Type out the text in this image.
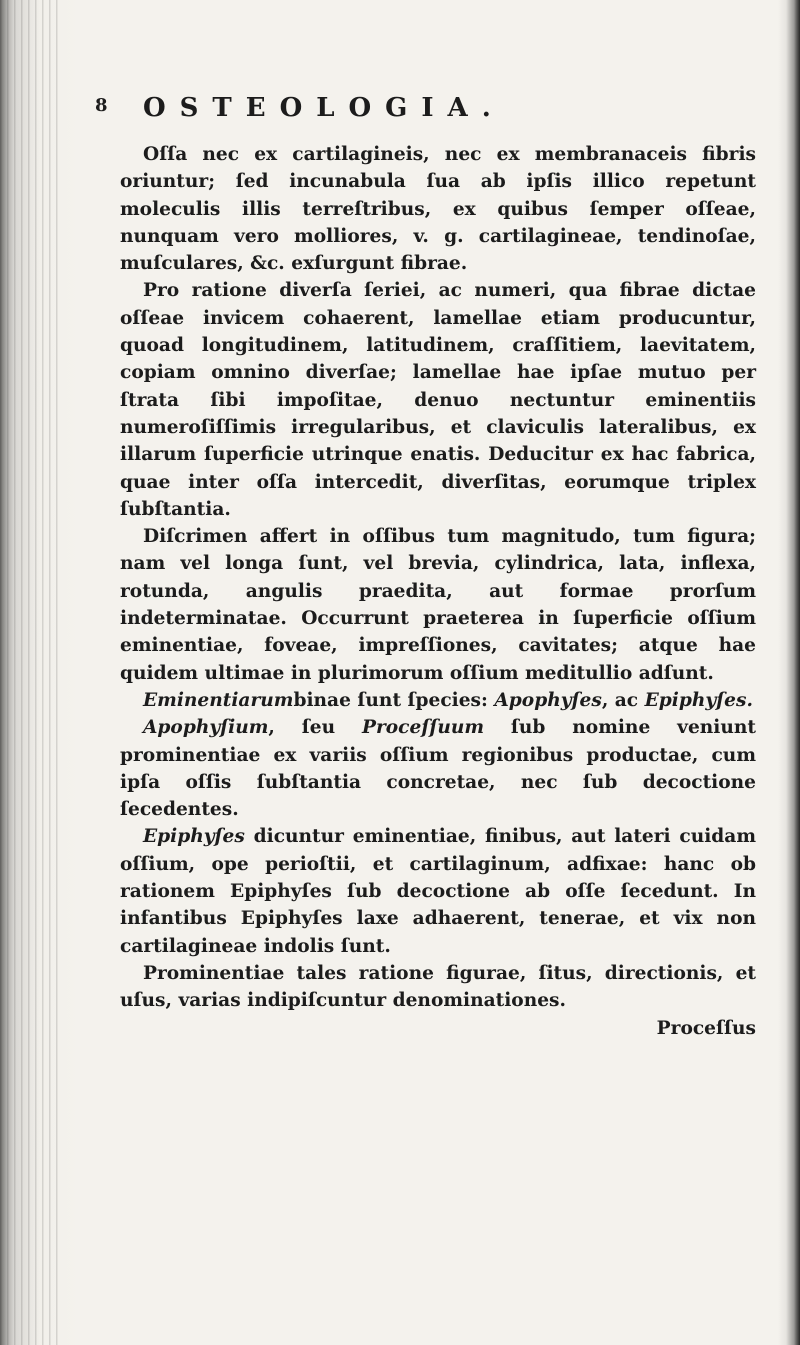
8 OSTEOLOGIA.

Oſſa nec ex cartilagineis, nec ex membranaceis fibris oriuntur; ſed incunabula ſua ab ipſis illico repetunt moleculis illis terreſtribus, ex quibus ſemper oſſeae, nunquam vero molliores, v. g. cartilagineae, tendinoſae, muſculares, &c. exſurgunt fibrae.

Pro ratione diverſa ſeriei, ac numeri, qua fibrae dictae oſſeae invicem cohaerent, lamellae etiam producuntur, quoad longitudinem, latitudinem, craſſitiem, laevitatem, copiam omnino diverſae; lamellae hae ipſae mutuo per ſtrata ſibi impoſitae, denuo nectuntur eminentiis numeroſiſſimis irregularibus, et claviculis lateralibus, ex illarum ſuperficie utrinque enatis. Deducitur ex hac fabrica, quae inter oſſa intercedit, diverſitas, eorumque triplex ſubſtantia.

Diſcrimen affert in oſſibus tum magnitudo, tum figura; nam vel longa ſunt, vel brevia, cylindrica, lata, inflexa, rotunda, angulis praedita, aut formae prorſum indeterminatae. Occurrunt praeterea in ſuperficie oſſium eminentiae, foveae, impreſſiones, cavitates; atque hae quidem ultimae in plurimorum oſſium meditullio adſunt.

Eminentiarumbinae ſunt ſpecies: Apophyſes, ac Epiphyſes.

Apophyſium, ſeu Proceſſuum ſub nomine veniunt prominentiae ex variis oſſium regionibus productae, cum ipſa oſſis ſubſtantia concretae, nec ſub decoctione ſecedentes.

Epiphyſes dicuntur eminentiae, finibus, aut lateri cuidam oſſium, ope perioſtii, et cartilaginum, adfixae: hanc ob rationem Epiphyſes ſub decoctione ab oſſe ſecedunt. In infantibus Epiphyſes laxe adhaerent, tenerae, et vix non cartilagineae indolis ſunt.

Prominentiae tales ratione figurae, ſitus, directionis, et uſus, varias indipiſcuntur denominationes.

Proceſſus
